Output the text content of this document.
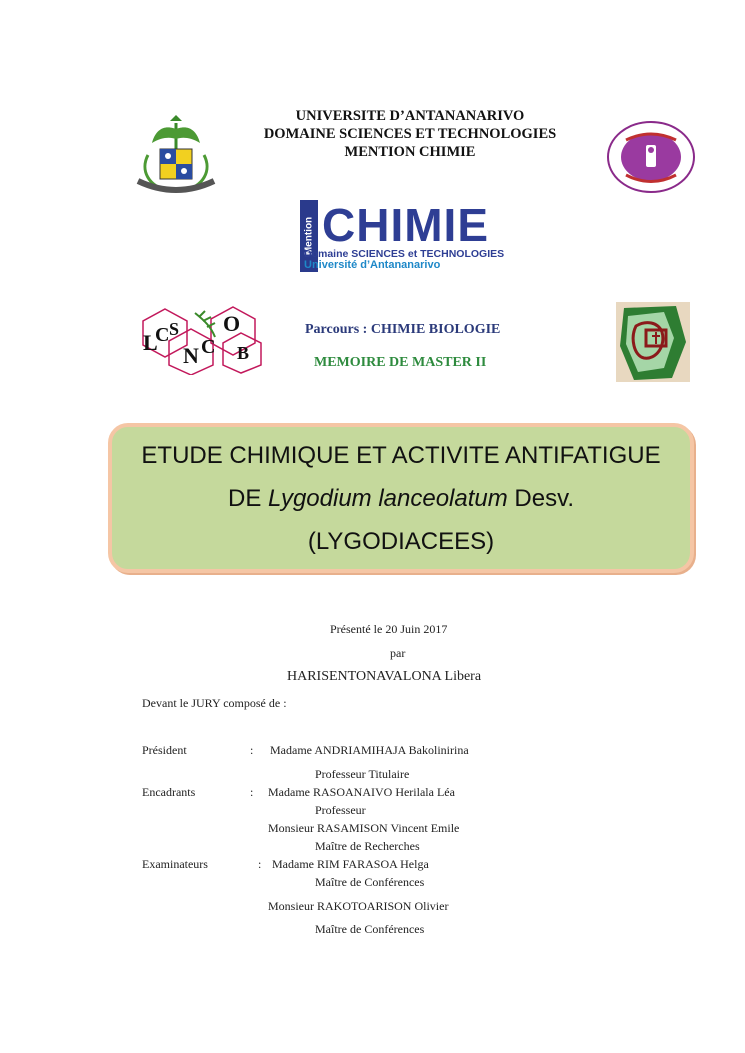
UNIVERSITE D’ANTANANARIVO
DOMAINE SCIENCES ET TECHNOLOGIES
MENTION CHIMIE
Mention CHIMIE
Domaine SCIENCES et TECHNOLOGIES
Université d’Antananarivo
L
C S
N C
O
B
Parcours : CHIMIE BIOLOGIE
MEMOIRE DE MASTER II
ETUDE CHIMIQUE ET ACTIVITE ANTIFATIGUE
DE Lygodium lanceolatum Desv.
(LYGODIACEES)
Présenté le 20 Juin 2017
par
HARISENTONAVALONA Libera
Devant le JURY composé de :
Président	: Madame ANDRIAMIHAJA Bakolinirina
Professeur Titulaire
Encadrants	: Madame RASOANAIVO Herilala Léa
Professeur
Monsieur RASAMISON Vincent Emile
Maître de Recherches
Examinateurs	: Madame RIM FARASOA Helga
Maître de Conférences
Monsieur RAKOTOARISON Olivier
Maître de Conférences
